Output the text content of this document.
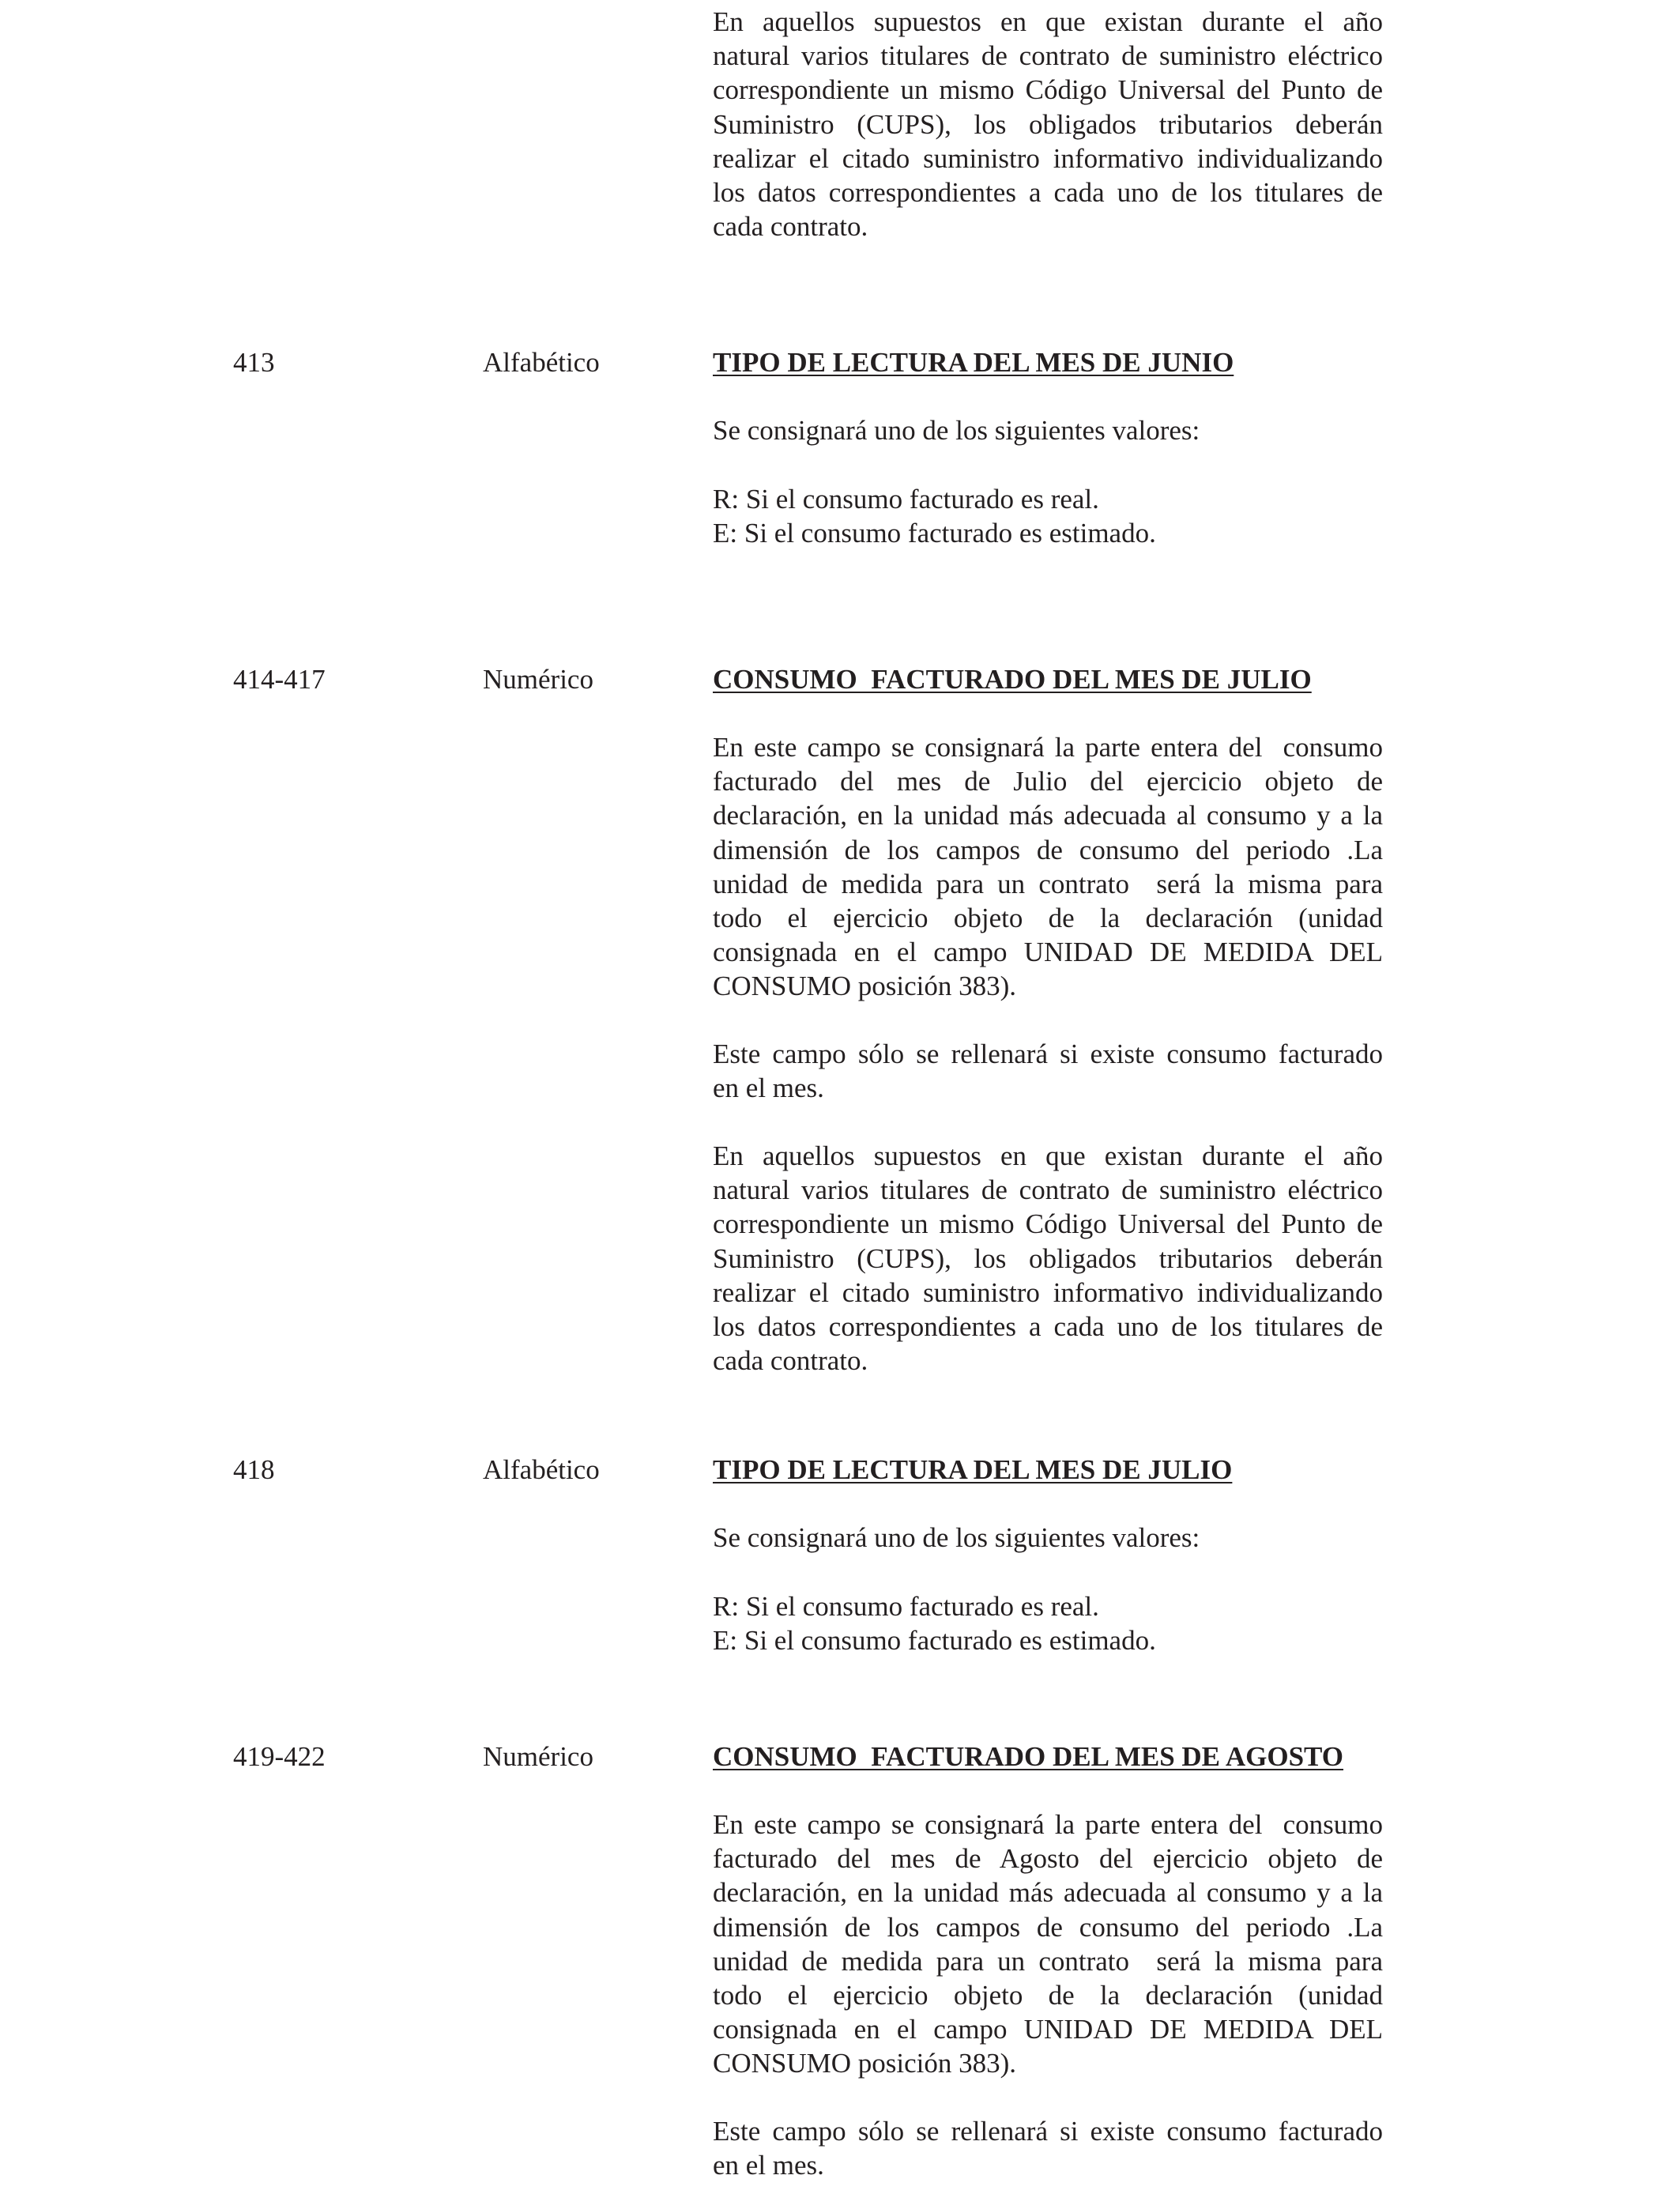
En aquellos supuestos en que existan durante el año
natural varios titulares de contrato de suministro eléctrico
correspondiente un mismo Código Universal del Punto de
Suministro (CUPS), los obligados tributarios deberán
realizar el citado suministro informativo individualizando
los datos correspondientes a cada uno de los titulares de
cada contrato.
413	Alfabético	TIPO DE LECTURA DEL MES DE JUNIO
Se consignará uno de los siguientes valores:
R: Si el consumo facturado es real.
E: Si el consumo facturado es estimado.
414-417	Numérico	CONSUMO  FACTURADO DEL MES DE JULIO
En este campo se consignará la parte entera del  consumo
facturado del mes de Julio del ejercicio objeto de
declaración, en la unidad más adecuada al consumo y a la
dimensión de los campos de consumo del periodo .La
unidad de medida para un contrato  será la misma para
todo el ejercicio objeto de la declaración (unidad
consignada en el campo UNIDAD DE MEDIDA DEL
CONSUMO posición 383).
Este campo sólo se rellenará si existe consumo facturado
en el mes.
En aquellos supuestos en que existan durante el año
natural varios titulares de contrato de suministro eléctrico
correspondiente un mismo Código Universal del Punto de
Suministro (CUPS), los obligados tributarios deberán
realizar el citado suministro informativo individualizando
los datos correspondientes a cada uno de los titulares de
cada contrato.
418	Alfabético	TIPO DE LECTURA DEL MES DE JULIO
Se consignará uno de los siguientes valores:
R: Si el consumo facturado es real.
E: Si el consumo facturado es estimado.
419-422	Numérico	CONSUMO  FACTURADO DEL MES DE AGOSTO
En este campo se consignará la parte entera del  consumo
facturado del mes de Agosto del ejercicio objeto de
declaración, en la unidad más adecuada al consumo y a la
dimensión de los campos de consumo del periodo .La
unidad de medida para un contrato  será la misma para
todo el ejercicio objeto de la declaración (unidad
consignada en el campo UNIDAD DE MEDIDA DEL
CONSUMO posición 383).
Este campo sólo se rellenará si existe consumo facturado
en el mes.
